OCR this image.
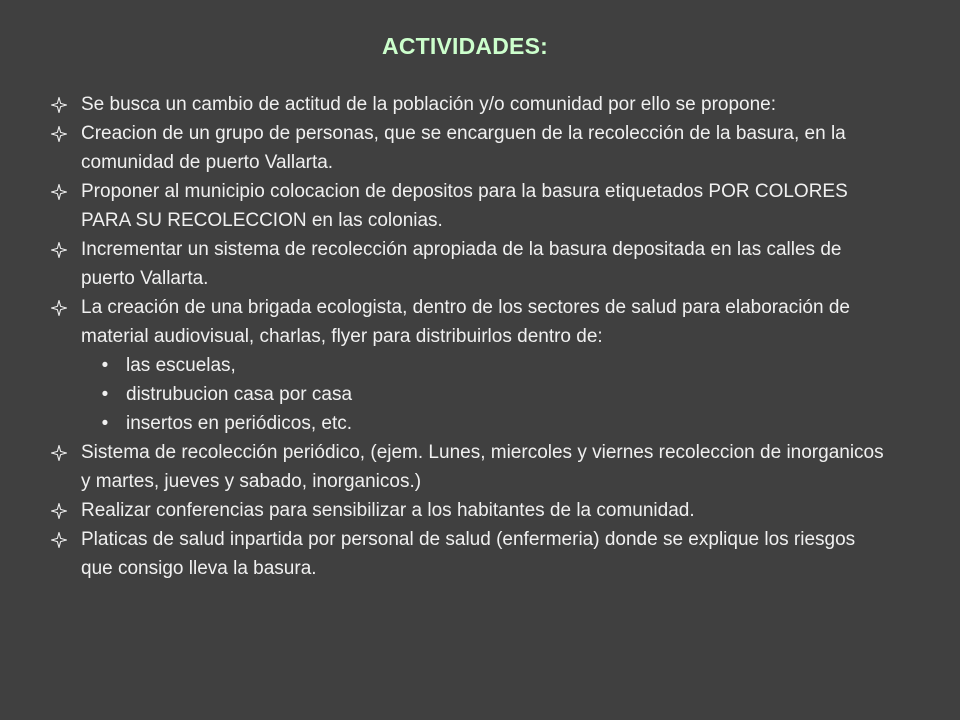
ACTIVIDADES:
Se busca un cambio de actitud de la población y/o comunidad por ello se propone:
Creacion de un grupo de personas, que se encarguen de la recolección de la basura, en la comunidad de puerto Vallarta.
Proponer al municipio colocacion de depositos para la basura etiquetados POR COLORES PARA SU RECOLECCION en las colonias.
Incrementar un sistema de recolección apropiada de la basura depositada en las calles de puerto Vallarta.
La creación de una brigada ecologista, dentro de los sectores de salud para elaboración de material audiovisual, charlas, flyer para distribuirlos dentro de:
• las escuelas,
• distrubucion casa por casa
• insertos en periódicos, etc.
Sistema de recolección periódico, (ejem. Lunes, miercoles y viernes recoleccion de inorganicos y martes, jueves y sabado, inorganicos.)
Realizar conferencias para sensibilizar a los habitantes de la comunidad.
Platicas de salud inpartida por personal de salud (enfermeria) donde se explique los riesgos que consigo lleva la basura.
